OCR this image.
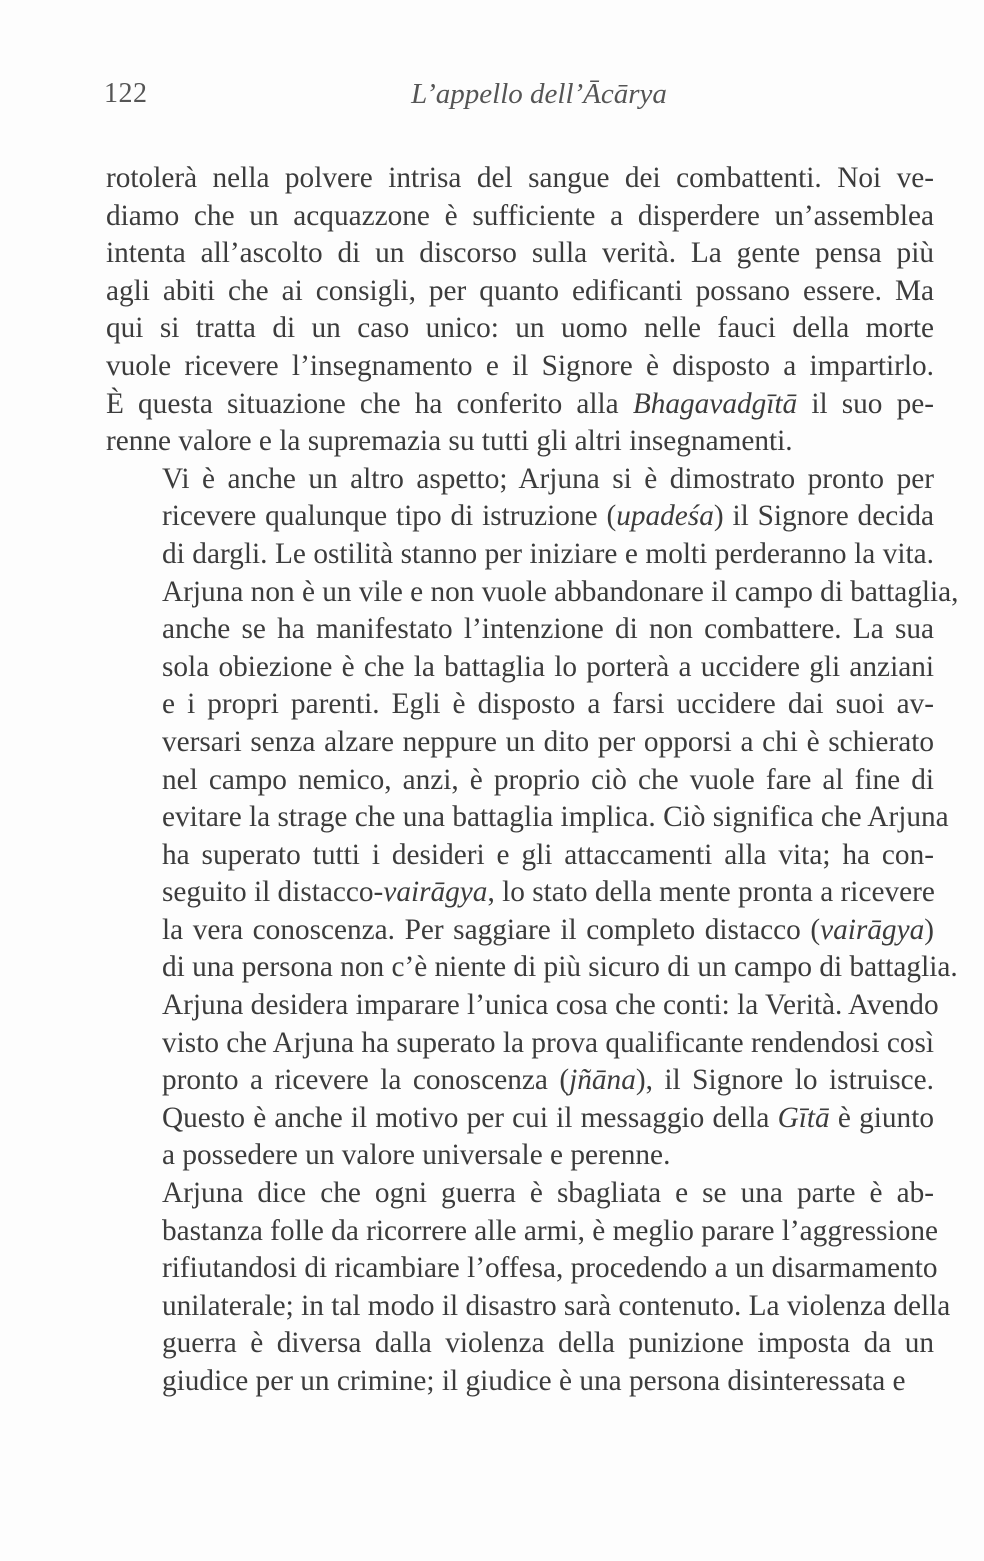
122	L’appello dell’Ācārya

rotolerà nella polvere intrisa del sangue dei combattenti. Noi ve-
diamo che un acquazzone è sufficiente a disperdere un’assemblea
intenta all’ascolto di un discorso sulla verità. La gente pensa più
agli abiti che ai consigli, per quanto edificanti possano essere. Ma
qui si tratta di un caso unico: un uomo nelle fauci della morte
vuole ricevere l’insegnamento e il Signore è disposto a impartirlo.
È questa situazione che ha conferito alla Bhagavadgītā il suo pe-
renne valore e la supremazia su tutti gli altri insegnamenti.

Vi è anche un altro aspetto; Arjuna si è dimostrato pronto per
ricevere qualunque tipo di istruzione (upadeśa) il Signore decida
di dargli. Le ostilità stanno per iniziare e molti perderanno la vita.
Arjuna non è un vile e non vuole abbandonare il campo di battaglia,
anche se ha manifestato l’intenzione di non combattere. La sua
sola obiezione è che la battaglia lo porterà a uccidere gli anziani
e i propri parenti. Egli è disposto a farsi uccidere dai suoi av-
versari senza alzare neppure un dito per opporsi a chi è schierato
nel campo nemico, anzi, è proprio ciò che vuole fare al fine di
evitare la strage che una battaglia implica. Ciò significa che Arjuna
ha superato tutti i desideri e gli attaccamenti alla vita; ha con-
seguito il distacco-vairāgya, lo stato della mente pronta a ricevere
la vera conoscenza. Per saggiare il completo distacco (vairāgya)
di una persona non c’è niente di più sicuro di un campo di battaglia.
Arjuna desidera imparare l’unica cosa che conti: la Verità. Avendo
visto che Arjuna ha superato la prova qualificante rendendosi così
pronto a ricevere la conoscenza (jñāna), il Signore lo istruisce.
Questo è anche il motivo per cui il messaggio della Gītā è giunto
a possedere un valore universale e perenne.

Arjuna dice che ogni guerra è sbagliata e se una parte è ab-
bastanza folle da ricorrere alle armi, è meglio parare l’aggressione
rifiutandosi di ricambiare l’offesa, procedendo a un disarmamento
unilaterale; in tal modo il disastro sarà contenuto. La violenza della
guerra è diversa dalla violenza della punizione imposta da un
giudice per un crimine; il giudice è una persona disinteressata e
